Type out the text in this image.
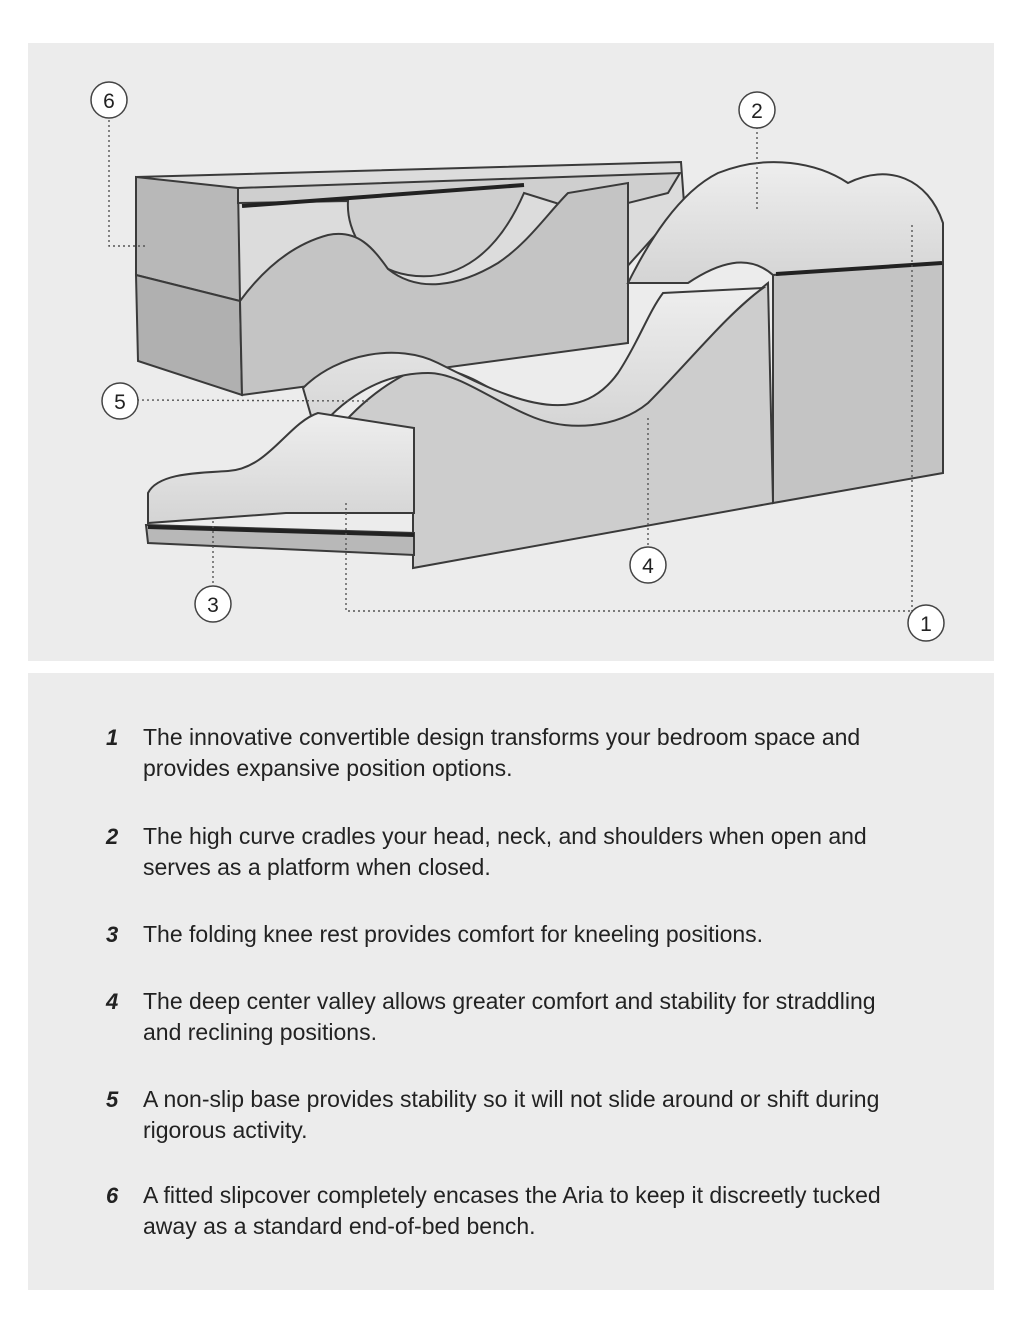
6	2
5
4
3
1
1	The innovative convertible design transforms your bedroom space and provides expansive position options.
2	The high curve cradles your head, neck, and shoulders when open and serves as a platform when closed.
3	The folding knee rest provides comfort for kneeling positions.
4	The deep center valley allows greater comfort and stability for straddling and reclining positions.
5	A non-slip base provides stability so it will not slide around or shift during rigorous activity.
6	A fitted slipcover completely encases the Aria to keep it discreetly tucked away as a standard end-of-bed bench.
